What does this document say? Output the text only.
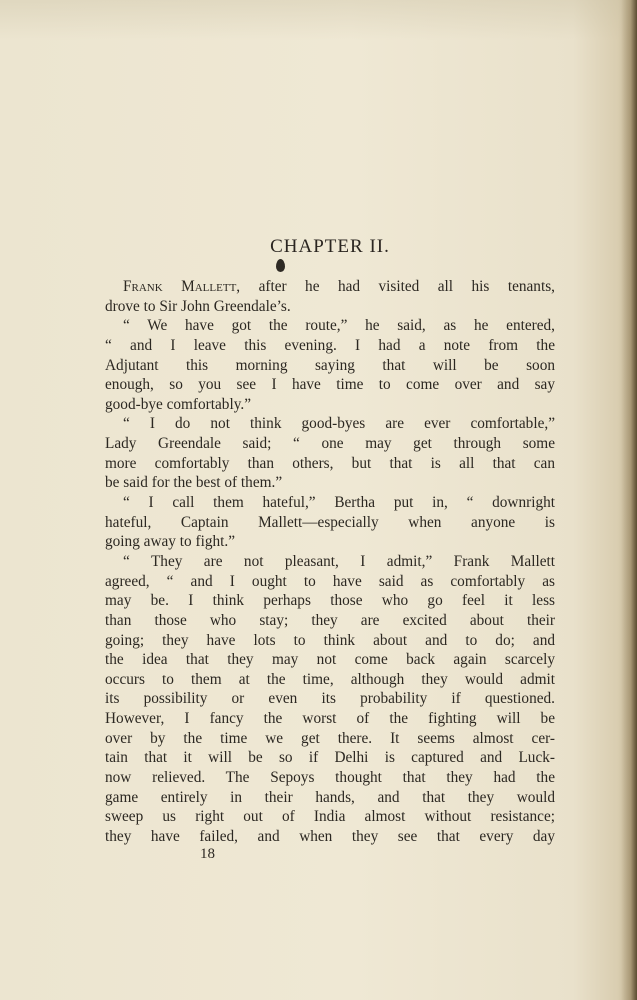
CHAPTER II.
Frank Mallett, after he had visited all his tenants,
drove to Sir John Greendale’s.
“ We have got the route,” he said, as he entered,
“ and I leave this evening. I had a note from the
Adjutant this morning saying that will be soon
enough, so you see I have time to come over and say
good-bye comfortably.”
“ I do not think good-byes are ever comfortable,”
Lady Greendale said; “ one may get through some
more comfortably than others, but that is all that can
be said for the best of them.”
“ I call them hateful,” Bertha put in, “ downright
hateful, Captain Mallett—especially when anyone is
going away to fight.”
“ They are not pleasant, I admit,” Frank Mallett
agreed, “ and I ought to have said as comfortably as
may be. I think perhaps those who go feel it less
than those who stay; they are excited about their
going; they have lots to think about and to do; and
the idea that they may not come back again scarcely
occurs to them at the time, although they would admit
its possibility or even its probability if questioned.
However, I fancy the worst of the fighting will be
over by the time we get there. It seems almost cer-
tain that it will be so if Delhi is captured and Luck-
now relieved. The Sepoys thought that they had the
game entirely in their hands, and that they would
sweep us right out of India almost without resistance;
they have failed, and when they see that every day
18
